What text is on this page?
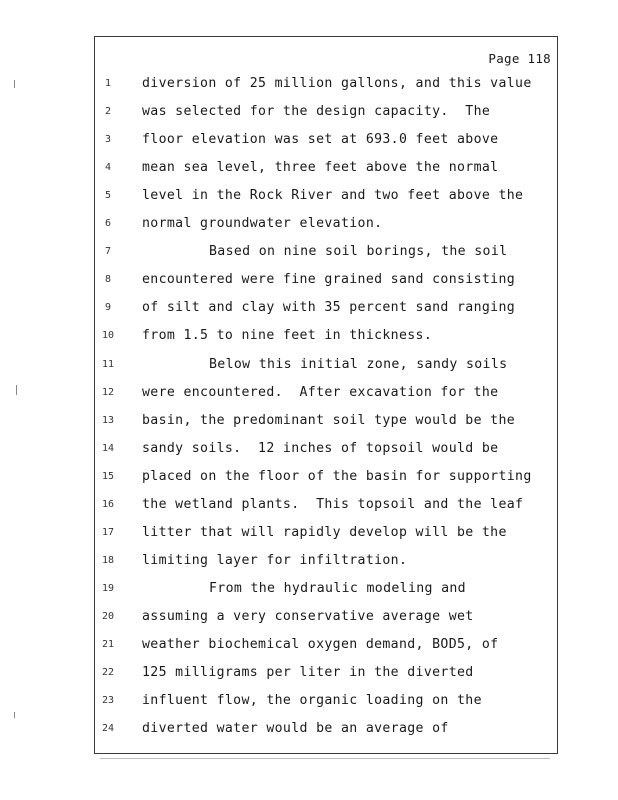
Page 118
1	diversion of 25 million gallons, and this value
2	was selected for the design capacity.  The
3	floor elevation was set at 693.0 feet above
4	mean sea level, three feet above the normal
5	level in the Rock River and two feet above the
6	normal groundwater elevation.
7	Based on nine soil borings, the soil
8	encountered were fine grained sand consisting
9	of silt and clay with 35 percent sand ranging
10	from 1.5 to nine feet in thickness.
11	Below this initial zone, sandy soils
12	were encountered.  After excavation for the
13	basin, the predominant soil type would be the
14	sandy soils.  12 inches of topsoil would be
15	placed on the floor of the basin for supporting
16	the wetland plants.  This topsoil and the leaf
17	litter that will rapidly develop will be the
18	limiting layer for infiltration.
19	From the hydraulic modeling and
20	assuming a very conservative average wet
21	weather biochemical oxygen demand, BOD5, of
22	125 milligrams per liter in the diverted
23	influent flow, the organic loading on the
24	diverted water would be an average of
